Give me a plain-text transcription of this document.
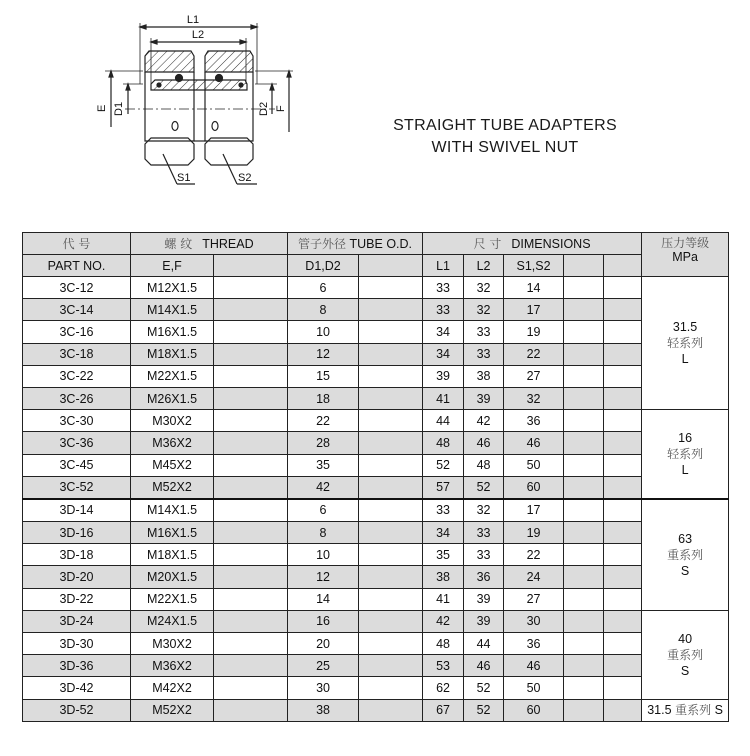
L1
L2
E D1	D2 F
S1	S2
STRAIGHT TUBE ADAPTERS
WITH SWIVEL NUT
代 号	螺 纹 THREAD		管子外径 TUBE O.D.		尺 寸 DIMENSIONS					压力等级
MPa

PART NO.	E,F		D1,D2		L1	L2	S1,S2			
3C-12	M12X1.5		6		33	32	14			31.5
轻系列
L

3C-14	M14X1.5		8		33	32	17			
3C-16	M16X1.5		10		34	33	19			
3C-18	M18X1.5		12		34	33	22			
3C-22	M22X1.5		15		39	38	27			
3C-26	M26X1.5		18		41	39	32			
3C-30	M30X2		22		44	42	36			16
轻系列
L

3C-36	M36X2		28		48	46	46			
3C-45	M45X2		35		52	48	50			
3C-52	M52X2		42		57	52	60			
3D-14	M14X1.5		6		33	32	17			63
重系列
S

3D-16	M16X1.5		8		34	33	19			
3D-18	M18X1.5		10		35	33	22			
3D-20	M20X1.5		12		38	36	24			
3D-22	M22X1.5		14		41	39	27			
3D-24	M24X1.5		16		42	39	30			40
重系列
S

3D-30	M30X2		20		48	44	36			
3D-36	M36X2		25		53	46	46			
3D-42	M42X2		30		62	52	50			
3D-52	M52X2		38		67	52	60			31.5 重系列 S
